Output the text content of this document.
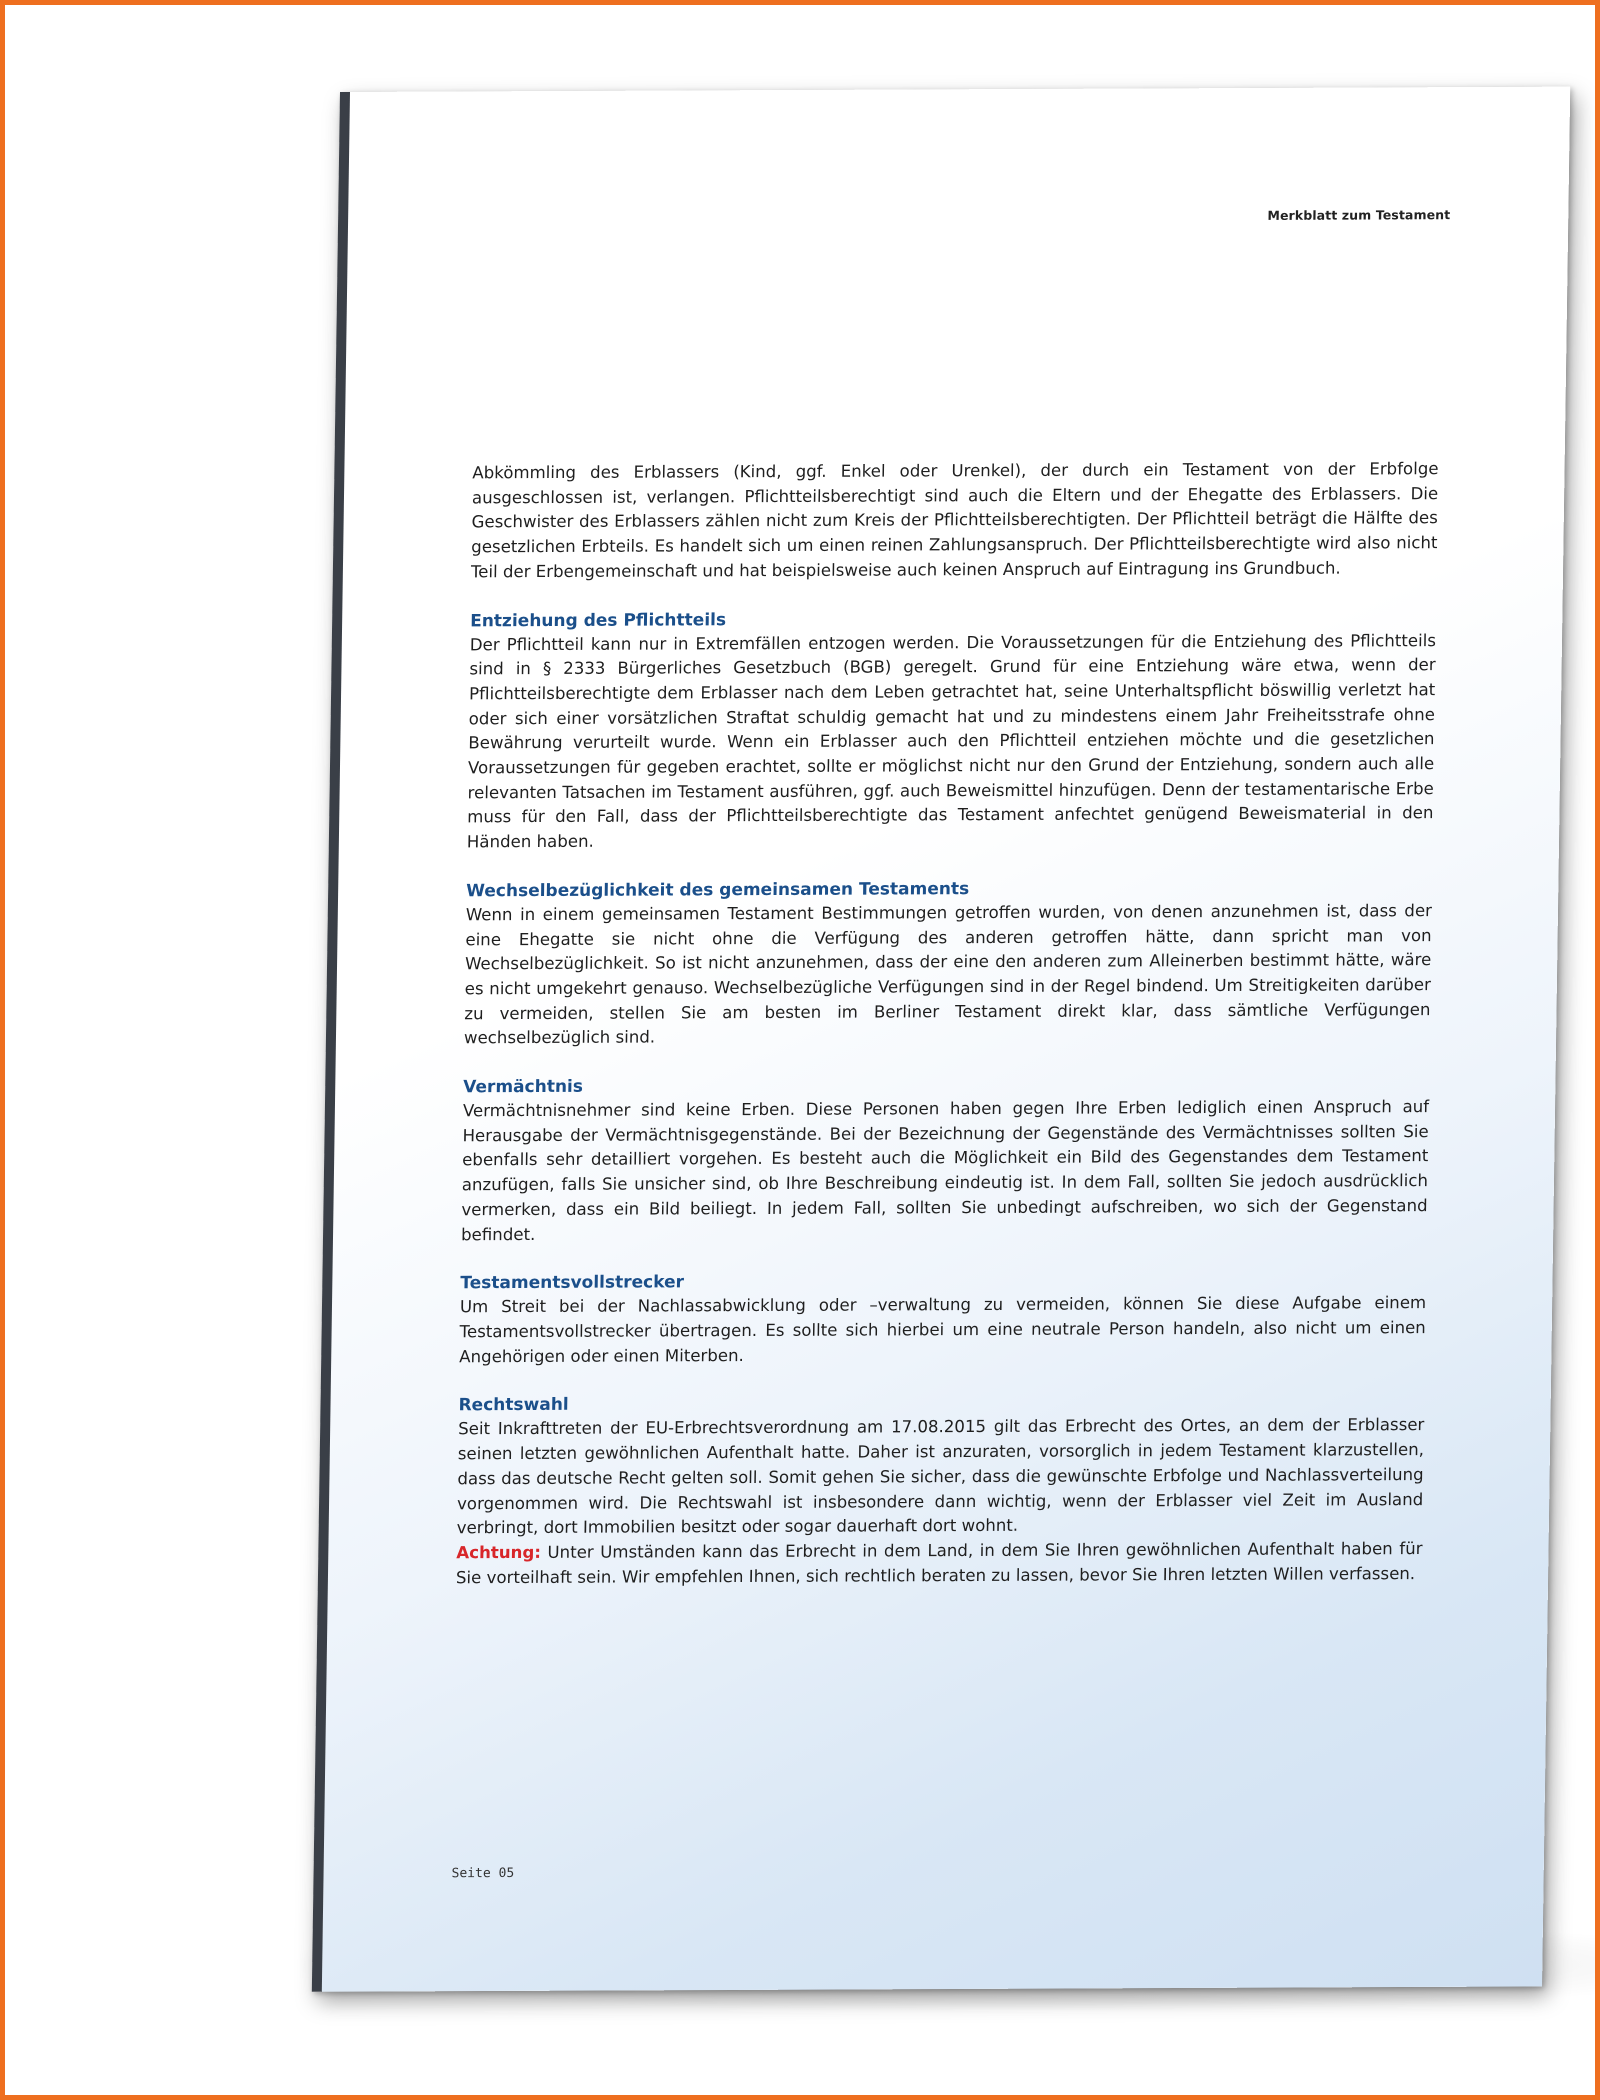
Merkblatt zum Testament

Abkömmling des Erblassers (Kind, ggf. Enkel oder Urenkel), der durch ein Testament von der Erbfolge ausgeschlossen ist, verlangen. Pflichtteilsberechtigt sind auch die Eltern und der Ehegatte des Erblassers. Die Geschwister des Erblassers zählen nicht zum Kreis der Pflichtteilsberechtigten. Der Pflichtteil beträgt die Hälfte des gesetzlichen Erbteils. Es handelt sich um einen reinen Zahlungsanspruch. Der Pflichtteilsberechtigte wird also nicht Teil der Erbengemeinschaft und hat beispielsweise auch keinen Anspruch auf Eintragung ins Grundbuch.

Entziehung des Pflichtteils

Der Pflichtteil kann nur in Extremfällen entzogen werden. Die Voraussetzungen für die Entziehung des Pflichtteils sind in § 2333 Bürgerliches Gesetzbuch (BGB) geregelt. Grund für eine Entziehung wäre etwa, wenn der Pflichtteilsberechtigte dem Erblasser nach dem Leben getrachtet hat, seine Unterhaltspflicht böswillig verletzt hat oder sich einer vorsätzlichen Straftat schuldig gemacht hat und zu mindestens einem Jahr Freiheitsstrafe ohne Bewährung verurteilt wurde. Wenn ein Erblasser auch den Pflichtteil entziehen möchte und die gesetzlichen Voraussetzungen für gegeben erachtet, sollte er möglichst nicht nur den Grund der Entziehung, sondern auch alle relevanten Tatsachen im Testament ausführen, ggf. auch Beweismittel hinzufügen. Denn der testamentarische Erbe muss für den Fall, dass der Pflichtteilsberechtigte das Testament anfechtet genügend Beweismaterial in den Händen haben.

Wechselbezüglichkeit des gemeinsamen Testaments

Wenn in einem gemeinsamen Testament Bestimmungen getroffen wurden, von denen anzunehmen ist, dass der eine Ehegatte sie nicht ohne die Verfügung des anderen getroffen hätte, dann spricht man von Wechselbezüglichkeit. So ist nicht anzunehmen, dass der eine den anderen zum Alleinerben bestimmt hätte, wäre es nicht umgekehrt genauso. Wechselbezügliche Verfügungen sind in der Regel bindend. Um Streitigkeiten darüber zu vermeiden, stellen Sie am besten im Berliner Testament direkt klar, dass sämtliche Verfügungen wechselbezüglich sind.

Vermächtnis

Vermächtnisnehmer sind keine Erben. Diese Personen haben gegen Ihre Erben lediglich einen Anspruch auf Herausgabe der Vermächtnisgegenstände. Bei der Bezeichnung der Gegenstände des Vermächtnisses sollten Sie ebenfalls sehr detailliert vorgehen. Es besteht auch die Möglichkeit ein Bild des Gegenstandes dem Testament anzufügen, falls Sie unsicher sind, ob Ihre Beschreibung eindeutig ist. In dem Fall, sollten Sie jedoch ausdrücklich vermerken, dass ein Bild beiliegt. In jedem Fall, sollten Sie unbedingt aufschreiben, wo sich der Gegenstand befindet.

Testamentsvollstrecker

Um Streit bei der Nachlassabwicklung oder –verwaltung zu vermeiden, können Sie diese Aufgabe einem Testamentsvollstrecker übertragen. Es sollte sich hierbei um eine neutrale Person handeln, also nicht um einen Angehörigen oder einen Miterben.

Rechtswahl

Seit Inkrafttreten der EU-Erbrechtsverordnung am 17.08.2015 gilt das Erbrecht des Ortes, an dem der Erblasser seinen letzten gewöhnlichen Aufenthalt hatte. Daher ist anzuraten, vorsorglich in jedem Testament klarzustellen, dass das deutsche Recht gelten soll. Somit gehen Sie sicher, dass die gewünschte Erbfolge und Nachlassverteilung vorgenommen wird. Die Rechtswahl ist insbesondere dann wichtig, wenn der Erblasser viel Zeit im Ausland verbringt, dort Immobilien besitzt oder sogar dauerhaft dort wohnt.

Achtung: Unter Umständen kann das Erbrecht in dem Land, in dem Sie Ihren gewöhnlichen Aufenthalt haben für Sie vorteilhaft sein. Wir empfehlen Ihnen, sich rechtlich beraten zu lassen, bevor Sie Ihren letzten Willen verfassen.

Seite 05
